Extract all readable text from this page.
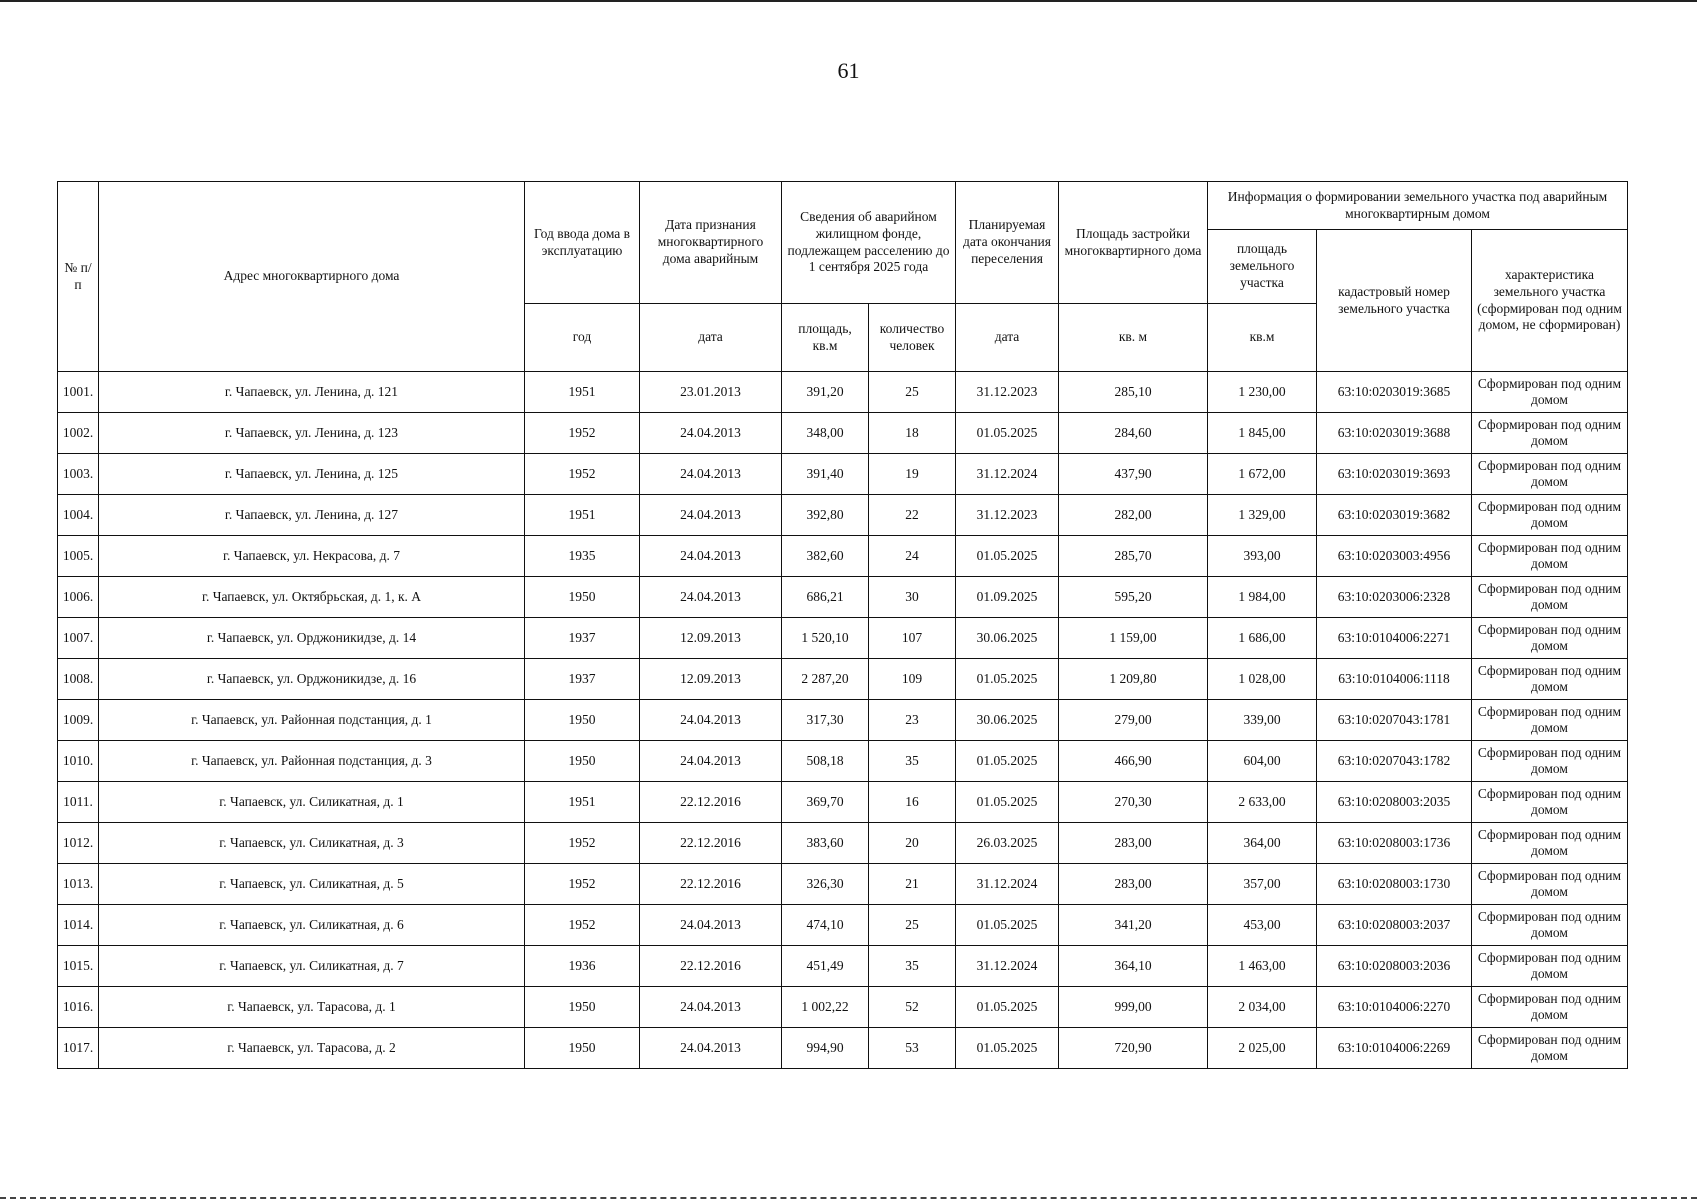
61
№ п/п	Адрес многоквартирного дома	Год ввода дома в эксплуатацию	Дата признания многоквартирного дома аварийным	Сведения об аварийном жилищном фонде, подлежащем расселению до 1 сентября 2025 года		Планируемая дата окончания переселения	Площадь застройки многоквартирного дома	Информация о формировании земельного участка под аварийным многоквартирным домом		
								площадь земельного участка	кадастровый номер земельного участка	характеристика земельного участка (сформирован под одним домом, не сформирован)
		год	дата	площадь, кв.м	количество человек	дата	кв. м	кв.м		
1001.	г. Чапаевск, ул. Ленина, д. 121	1951	23.01.2013	391,20	25	31.12.2023	285,10	1 230,00	63:10:0203019:3685	Сформирован под одним домом
1002.	г. Чапаевск, ул. Ленина, д. 123	1952	24.04.2013	348,00	18	01.05.2025	284,60	1 845,00	63:10:0203019:3688	Сформирован под одним домом
1003.	г. Чапаевск, ул. Ленина, д. 125	1952	24.04.2013	391,40	19	31.12.2024	437,90	1 672,00	63:10:0203019:3693	Сформирован под одним домом
1004.	г. Чапаевск, ул. Ленина, д. 127	1951	24.04.2013	392,80	22	31.12.2023	282,00	1 329,00	63:10:0203019:3682	Сформирован под одним домом
1005.	г. Чапаевск, ул. Некрасова, д. 7	1935	24.04.2013	382,60	24	01.05.2025	285,70	393,00	63:10:0203003:4956	Сформирован под одним домом
1006.	г. Чапаевск, ул. Октябрьская, д. 1, к. А	1950	24.04.2013	686,21	30	01.09.2025	595,20	1 984,00	63:10:0203006:2328	Сформирован под одним домом
1007.	г. Чапаевск, ул. Орджоникидзе, д. 14	1937	12.09.2013	1 520,10	107	30.06.2025	1 159,00	1 686,00	63:10:0104006:2271	Сформирован под одним домом
1008.	г. Чапаевск, ул. Орджоникидзе, д. 16	1937	12.09.2013	2 287,20	109	01.05.2025	1 209,80	1 028,00	63:10:0104006:1118	Сформирован под одним домом
1009.	г. Чапаевск, ул. Районная подстанция, д. 1	1950	24.04.2013	317,30	23	30.06.2025	279,00	339,00	63:10:0207043:1781	Сформирован под одним домом
1010.	г. Чапаевск, ул. Районная подстанция, д. 3	1950	24.04.2013	508,18	35	01.05.2025	466,90	604,00	63:10:0207043:1782	Сформирован под одним домом
1011.	г. Чапаевск, ул. Силикатная, д. 1	1951	22.12.2016	369,70	16	01.05.2025	270,30	2 633,00	63:10:0208003:2035	Сформирован под одним домом
1012.	г. Чапаевск, ул. Силикатная, д. 3	1952	22.12.2016	383,60	20	26.03.2025	283,00	364,00	63:10:0208003:1736	Сформирован под одним домом
1013.	г. Чапаевск, ул. Силикатная, д. 5	1952	22.12.2016	326,30	21	31.12.2024	283,00	357,00	63:10:0208003:1730	Сформирован под одним домом
1014.	г. Чапаевск, ул. Силикатная, д. 6	1952	24.04.2013	474,10	25	01.05.2025	341,20	453,00	63:10:0208003:2037	Сформирован под одним домом
1015.	г. Чапаевск, ул. Силикатная, д. 7	1936	22.12.2016	451,49	35	31.12.2024	364,10	1 463,00	63:10:0208003:2036	Сформирован под одним домом
1016.	г. Чапаевск, ул. Тарасова, д. 1	1950	24.04.2013	1 002,22	52	01.05.2025	999,00	2 034,00	63:10:0104006:2270	Сформирован под одним домом
1017.	г. Чапаевск, ул. Тарасова, д. 2	1950	24.04.2013	994,90	53	01.05.2025	720,90	2 025,00	63:10:0104006:2269	Сформирован под одним домом
